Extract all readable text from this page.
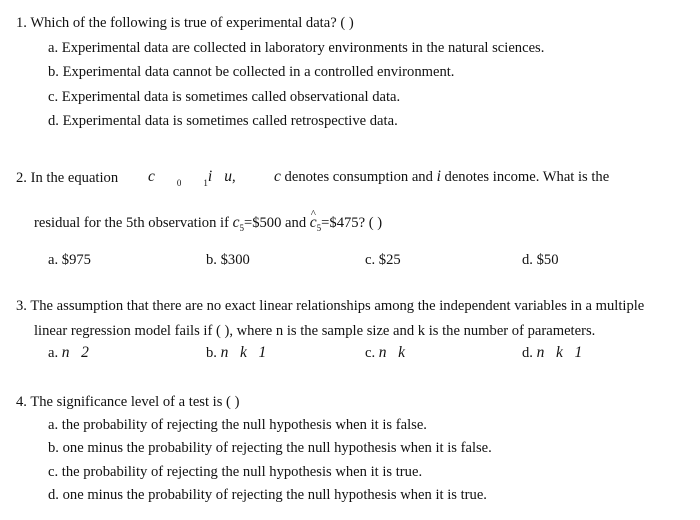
1. Which of the following is true of experimental data? ( )
a. Experimental data are collected in laboratory environments in the natural sciences.
b. Experimental data cannot be collected in a controlled environment.
c. Experimental data is sometimes called observational data.
d. Experimental data is sometimes called retrospective data.
2. In the equation c $_0$ $_1$i u, c denotes consumption and i denotes income. What is the
residual for the 5th observation if $c_5=\$500$ and ^ $c_5=\$475$? ( )
a. $975	b. $300	c. $25	d. $50
3. The assumption that there are no exact linear relationships among the independent variables in a multiple
linear regression model fails if ( ), where n is the sample size and k is the number of parameters.
a. n   2	b. n   k   1	c. n   k	d. n   k   1
4. The significance level of a test is ( )
a. the probability of rejecting the null hypothesis when it is false.
b. one minus the probability of rejecting the null hypothesis when it is false.
c. the probability of rejecting the null hypothesis when it is true.
d. one minus the probability of rejecting the null hypothesis when it is true.
